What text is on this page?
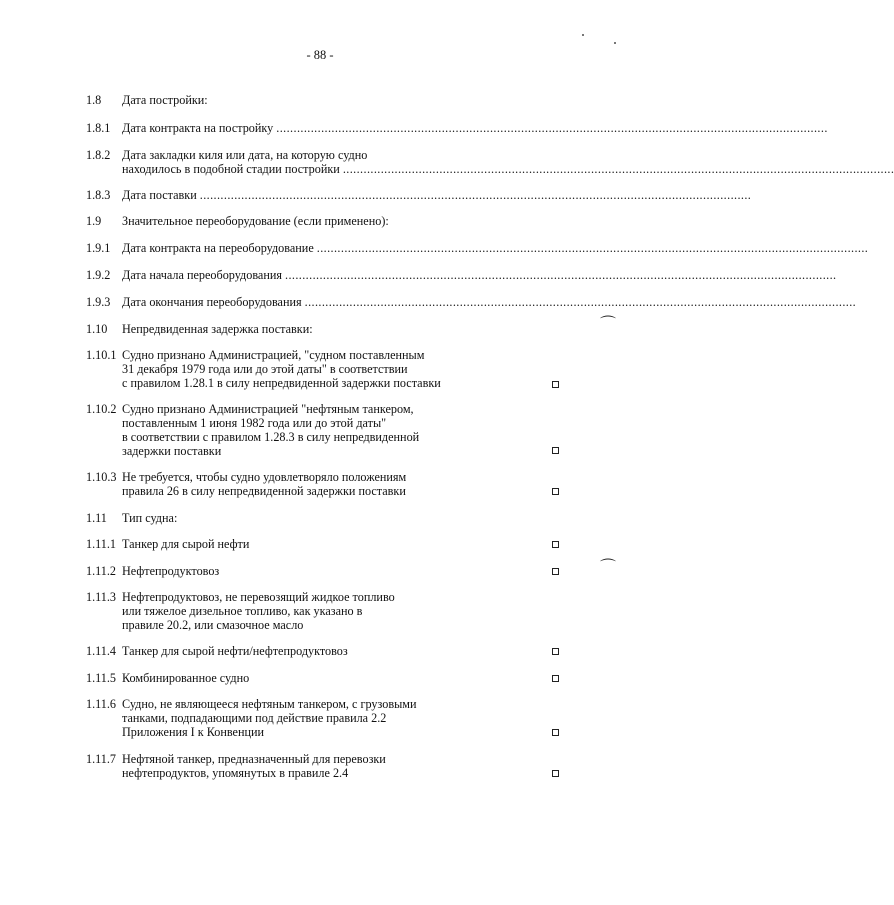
- 88 -
1.8 Дата постройки:
1.8.1 Дата контракта на постройку ................................................................................................................................................................
1.8.2 Дата закладки киля или дата, на которую судно
находилось в подобной стадии постройки ................................................................................................................................................................
1.8.3 Дата поставки ................................................................................................................................................................
1.9 Значительное переоборудование (если применено):
1.9.1 Дата контракта на переоборудование ................................................................................................................................................................
1.9.2 Дата начала переоборудования ................................................................................................................................................................
1.9.3 Дата окончания переоборудования ................................................................................................................................................................
1.10 Непредвиденная задержка поставки:	⌒
1.10.1 Судно признано Администрацией, "судном поставленным
31 декабря 1979 года или до этой даты" в соответствии
с правилом 1.28.1 в силу непредвиденной задержки поставки
1.10.2 Судно признано Администрацией "нефтяным танкером,
поставленным 1 июня 1982 года или до этой даты"
в соответствии с правилом 1.28.3 в силу непредвиденной
задержки поставки
1.10.3 Не требуется, чтобы судно удовлетворяло положениям
правила 26 в силу непредвиденной задержки поставки
1.11 Тип судна:
1.11.1 Танкер для сырой нефти
1.11.2 Нефтепродуктовоз	⌒
1.11.3 Нефтепродуктовоз, не перевозящий жидкое топливо
или тяжелое дизельное топливо, как указано в
правиле 20.2, или смазочное масло
1.11.4 Танкер для сырой нефти/нефтепродуктовоз
1.11.5 Комбинированное судно
1.11.6 Судно, не являющееся нефтяным танкером, с грузовыми
танками, подпадающими под действие правила 2.2
Приложения I к Конвенции
1.11.7 Нефтяной танкер, предназначенный для перевозки
нефтепродуктов, упомянутых в правиле 2.4
